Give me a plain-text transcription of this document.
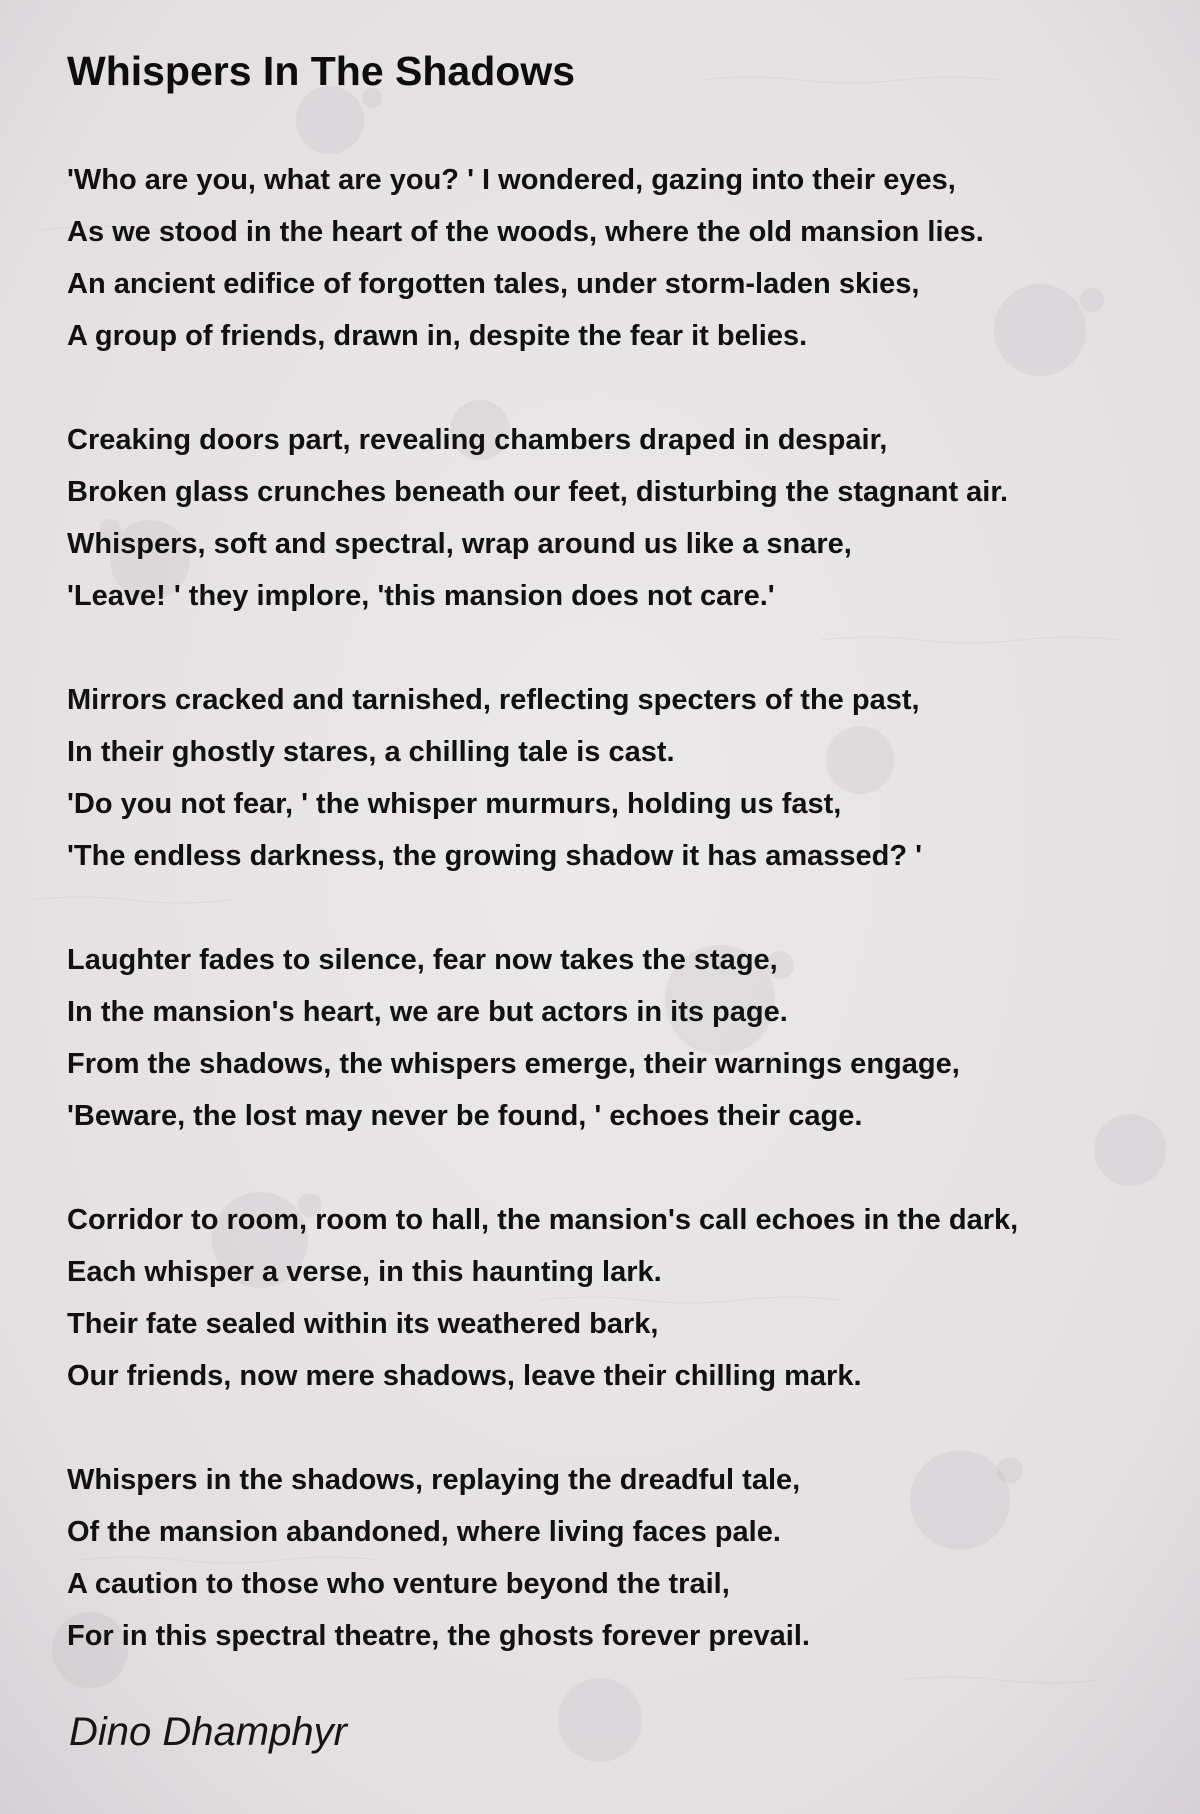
Whispers In The Shadows
'Who are you, what are you? ' I wondered, gazing into their eyes,
As we stood in the heart of the woods, where the old mansion lies.
An ancient edifice of forgotten tales, under storm-laden skies,
A group of friends, drawn in, despite the fear it belies.
Creaking doors part, revealing chambers draped in despair,
Broken glass crunches beneath our feet, disturbing the stagnant air.
Whispers, soft and spectral, wrap around us like a snare,
'Leave! ' they implore, 'this mansion does not care.'
Mirrors cracked and tarnished, reflecting specters of the past,
In their ghostly stares, a chilling tale is cast.
'Do you not fear, ' the whisper murmurs, holding us fast,
'The endless darkness, the growing shadow it has amassed? '
Laughter fades to silence, fear now takes the stage,
In the mansion's heart, we are but actors in its page.
From the shadows, the whispers emerge, their warnings engage,
'Beware, the lost may never be found, ' echoes their cage.
Corridor to room, room to hall, the mansion's call echoes in the dark,
Each whisper a verse, in this haunting lark.
Their fate sealed within its weathered bark,
Our friends, now mere shadows, leave their chilling mark.
Whispers in the shadows, replaying the dreadful tale,
Of the mansion abandoned, where living faces pale.
A caution to those who venture beyond the trail,
For in this spectral theatre, the ghosts forever prevail.

Dino Dhamphyr
